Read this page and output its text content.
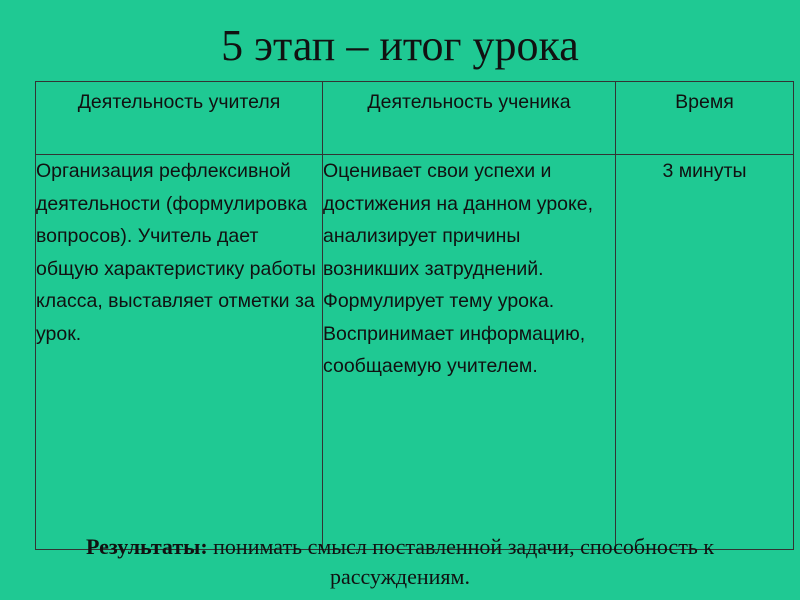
5 этап – итог урока
Деятельность учителя	Деятельность ученика	Время
Организация рефлексивной деятельности (формулировка вопросов). Учитель дает общую характеристику работы класса, выставляет отметки за урок.	Оценивает свои успехи и достижения на данном уроке, анализирует причины возникших затруднений. Формулирует тему урока. Воспринимает информацию, сообщаемую учителем.	3 минуты
Результаты: понимать смысл поставленной задачи, способность к рассуждениям.
